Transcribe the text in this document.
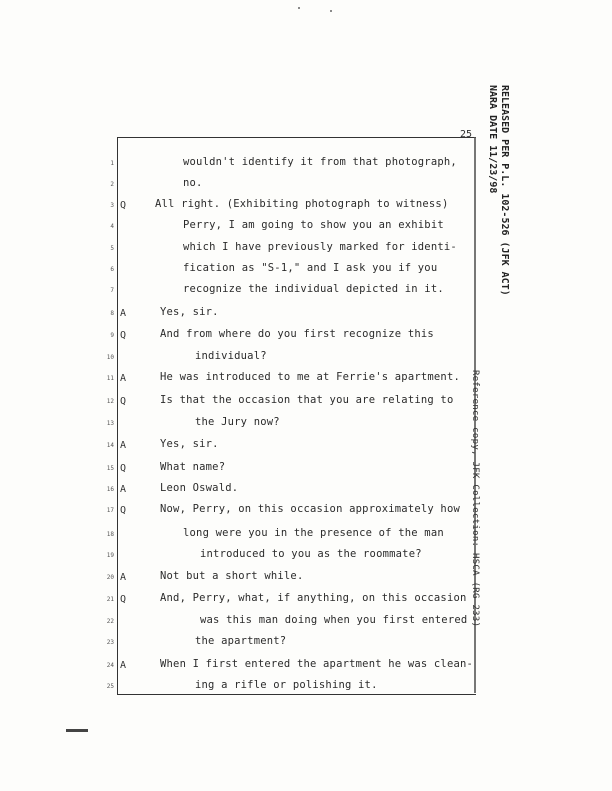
25	RELEASED PER P.L. 102-526 (JFK ACT)
NARA DATE 11/23/98
Reference copy, JFK Collection: HSCA (RG 233)
1	wouldn't identify it from that photograph,
2	no.
3 Q	All right. (Exhibiting photograph to witness)
4	Perry, I am going to show you an exhibit
5	which I have previously marked for identi-
6	fication as "S-1," and I ask you if you
7	recognize the individual depicted in it.
8 A	Yes, sir.
9 Q	And from where do you first recognize this
10	individual?
11 A	He was introduced to me at Ferrie's apartment.
12 Q	Is that the occasion that you are relating to
13	the Jury now?
14 A	Yes, sir.
15 Q	What name?
16 A	Leon Oswald.
17 Q	Now, Perry, on this occasion approximately how
18	long were you in the presence of the man
19	introduced to you as the roommate?
20 A	Not but a short while.
21 Q	And, Perry, what, if anything, on this occasion
22	was this man doing when you first entered
23	the apartment?
24 A	When I first entered the apartment he was clean-
25	ing a rifle or polishing it.
